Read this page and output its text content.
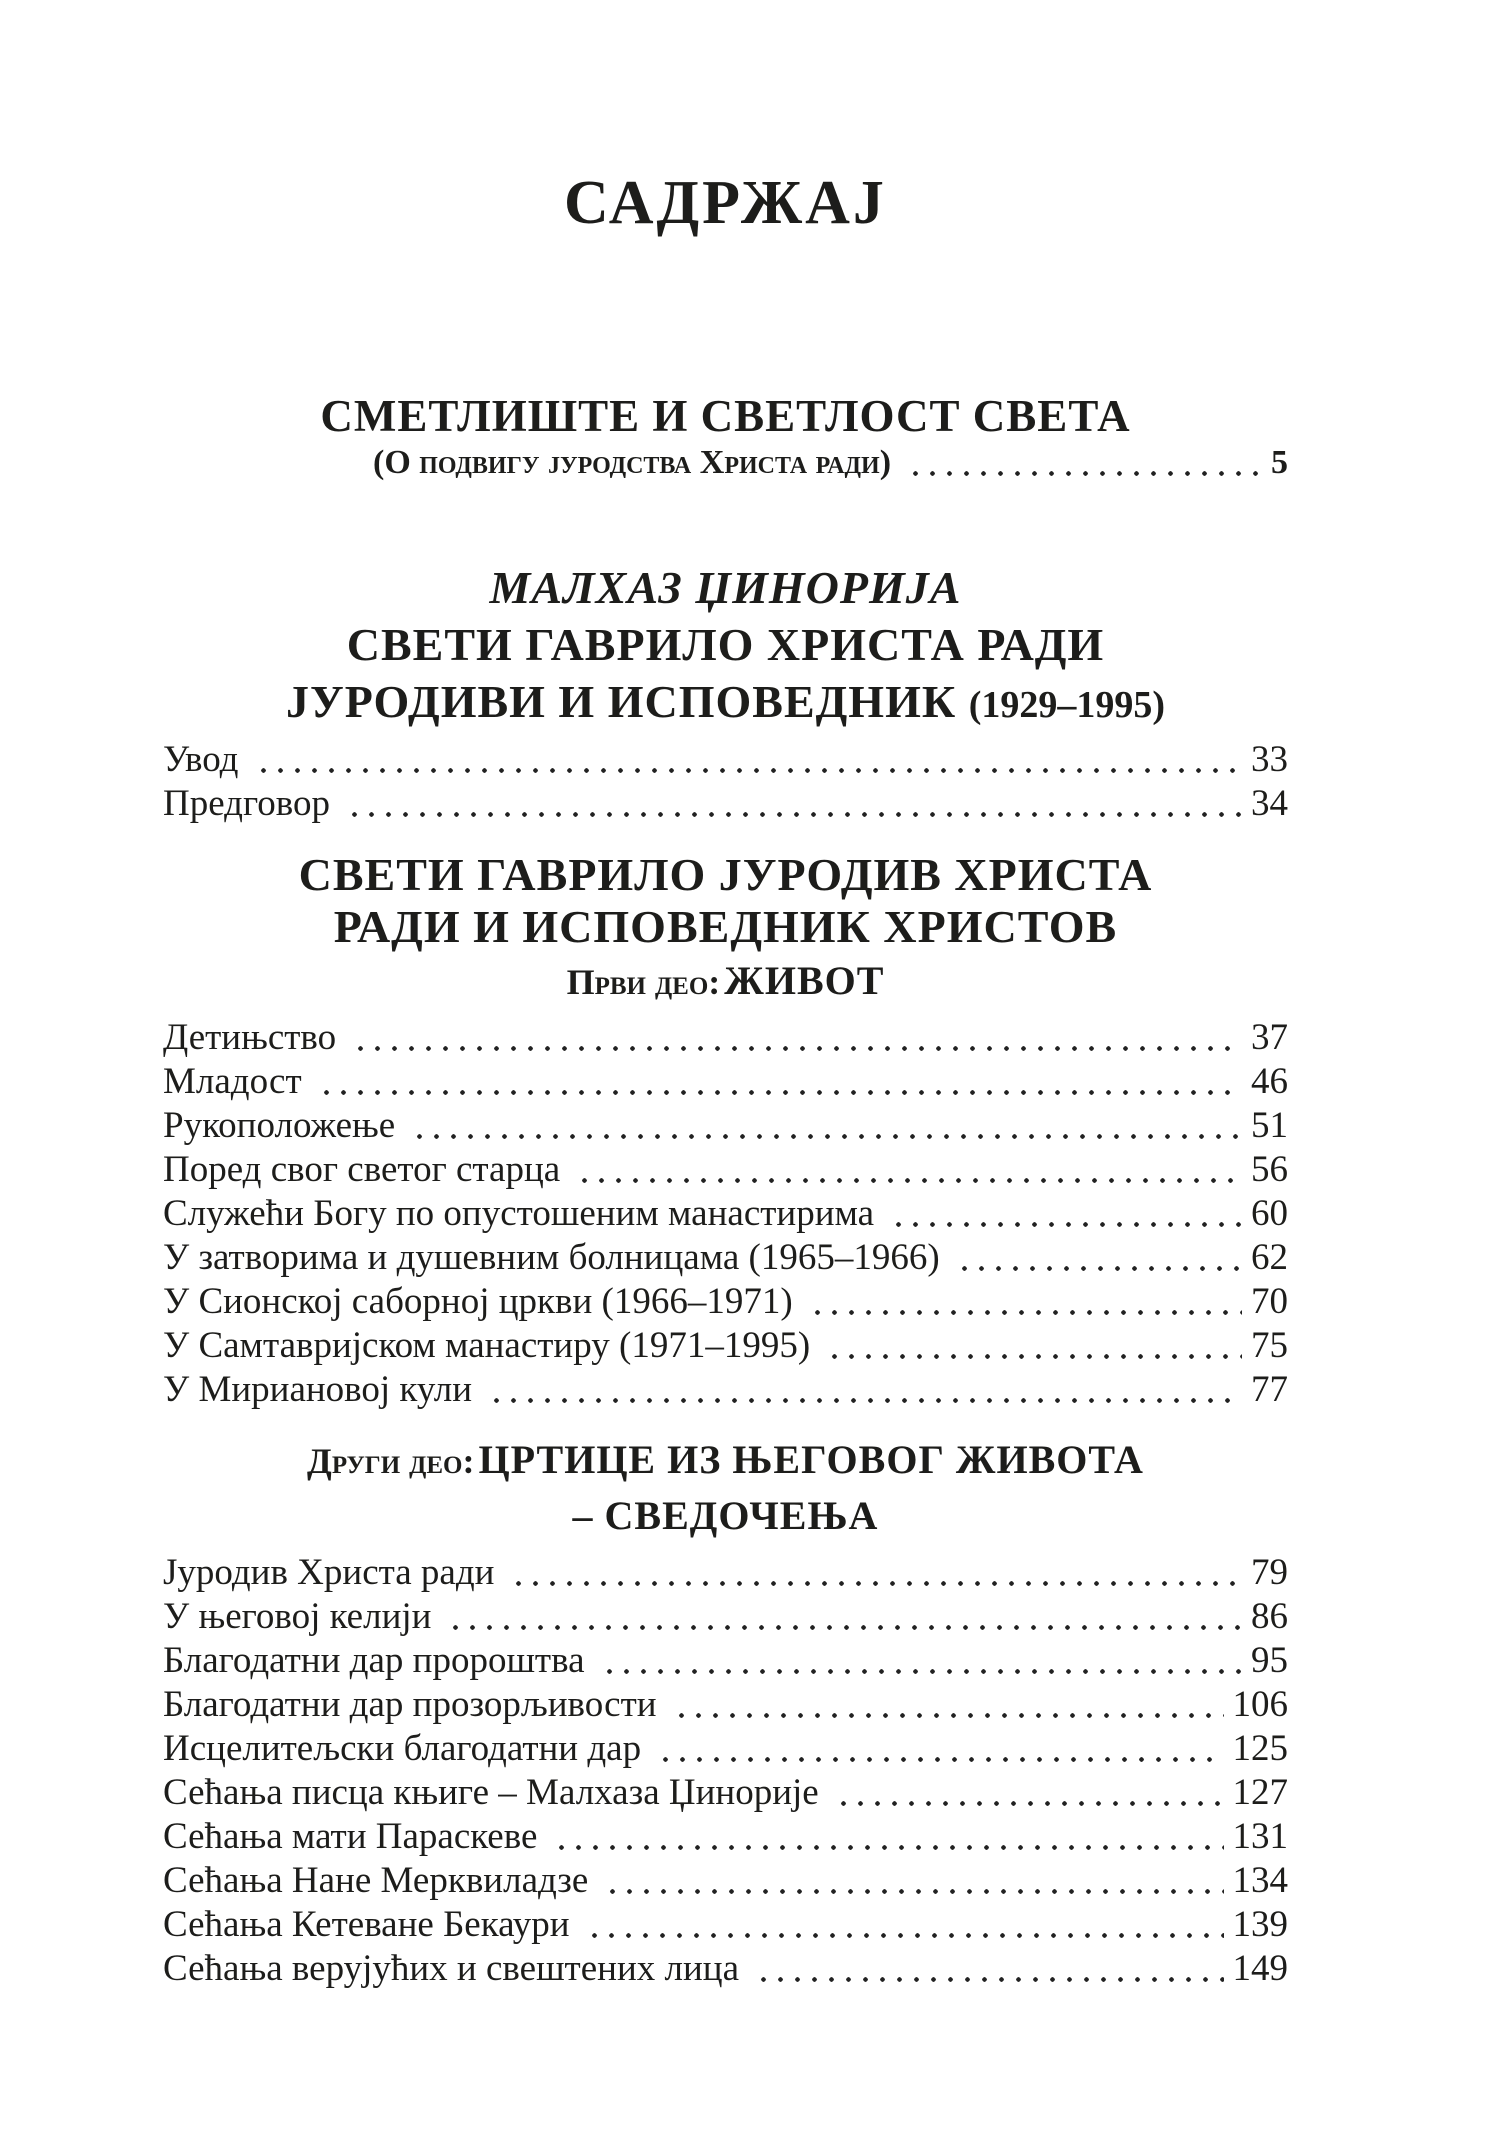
САДРЖАЈ
СМЕТЛИШТЕ И СВЕТЛОСТ СВЕТА
(О подвигу јуродства Христа ради)	5
МАЛХАЗ ЏИНОРИЈА
СВЕТИ ГАВРИЛО ХРИСТА РАДИ
ЈУРОДИВИ И ИСПОВЕДНИК (1929–1995)
Увод	33
Предговор	34
СВЕТИ ГАВРИЛО ЈУРОДИВ ХРИСТА
РАДИ И ИСПОВЕДНИК ХРИСТОВ
Први део: ЖИВОТ
Детињство	37
Младост	46
Рукоположење	51
Поред свог светог старца	56
Служећи Богу по опустошеним манастирима	60
У затворима и душевним болницама (1965–1966)	62
У Сионској саборној цркви (1966–1971)	70
У Самтавријском манастиру (1971–1995)	75
У Мириановој кули	77
Други део: ЦРТИЦЕ ИЗ ЊЕГОВОГ ЖИВОТА
– СВЕДОЧЕЊА
Јуродив Христа ради	79
У његовој келији	86
Благодатни дар пророштва	95
Благодатни дар прозорљивости	106
Исцелитељски благодатни дар	125
Сећања писца књиге – Малхаза Џинорије	127
Сећања мати Параскеве	131
Сећања Нане Мерквиладзе	134
Сећања Кетеване Бекаури	139
Сећања верујућих и свештених лица	149
